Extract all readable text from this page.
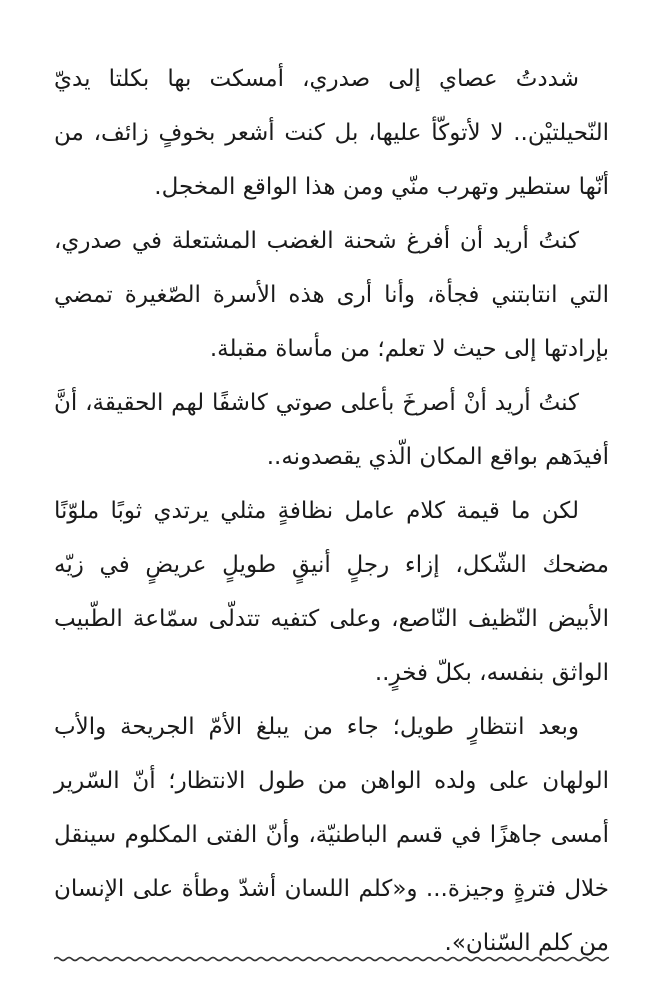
شددتُ عصاي إلى صدري، أمسكت بها بكلتا يديّ النّحيلتيْن.. لا لأتوكّأ عليها، بل كنت أشعر بخوفٍ زائف، من أنّها ستطير وتهرب منّي ومن هذا الواقع المخجل.

كنتُ أريد أن أفرغ شحنة الغضب المشتعلة في صدري، التي انتابتني فجأة، وأنا أرى هذه الأسرة الصّغيرة تمضي بإرادتها إلى حيث لا تعلم؛ من مأساة مقبلة.

كنتُ أريد أنْ أصرخَ بأعلى صوتي كاشفًا لهم الحقيقة، أنَّ أفيدَهم بواقع المكان الّذي يقصدونه..

لكن ما قيمة كلام عامل نظافةٍ مثلي يرتدي ثوبًا ملوّنًا مضحك الشّكل، إزاء رجلٍ أنيقٍ طويلٍ عريضٍ في زيّه الأبيض النّظيف النّاصع، وعلى كتفيه تتدلّى سمّاعة الطّبيب الواثق بنفسه، بكلّ فخرٍ..

وبعد انتظارٍ طويل؛ جاء من يبلغ الأمّ الجريحة والأب الولهان على ولده الواهن من طول الانتظار؛ أنّ السّرير أمسى جاهزًا في قسم الباطنيّة، وأنّ الفتى المكلوم سينقل خلال فترةٍ وجيزة... و«كلم اللسان أشدّ وطأة على الإنسان من كلم السّنان».
